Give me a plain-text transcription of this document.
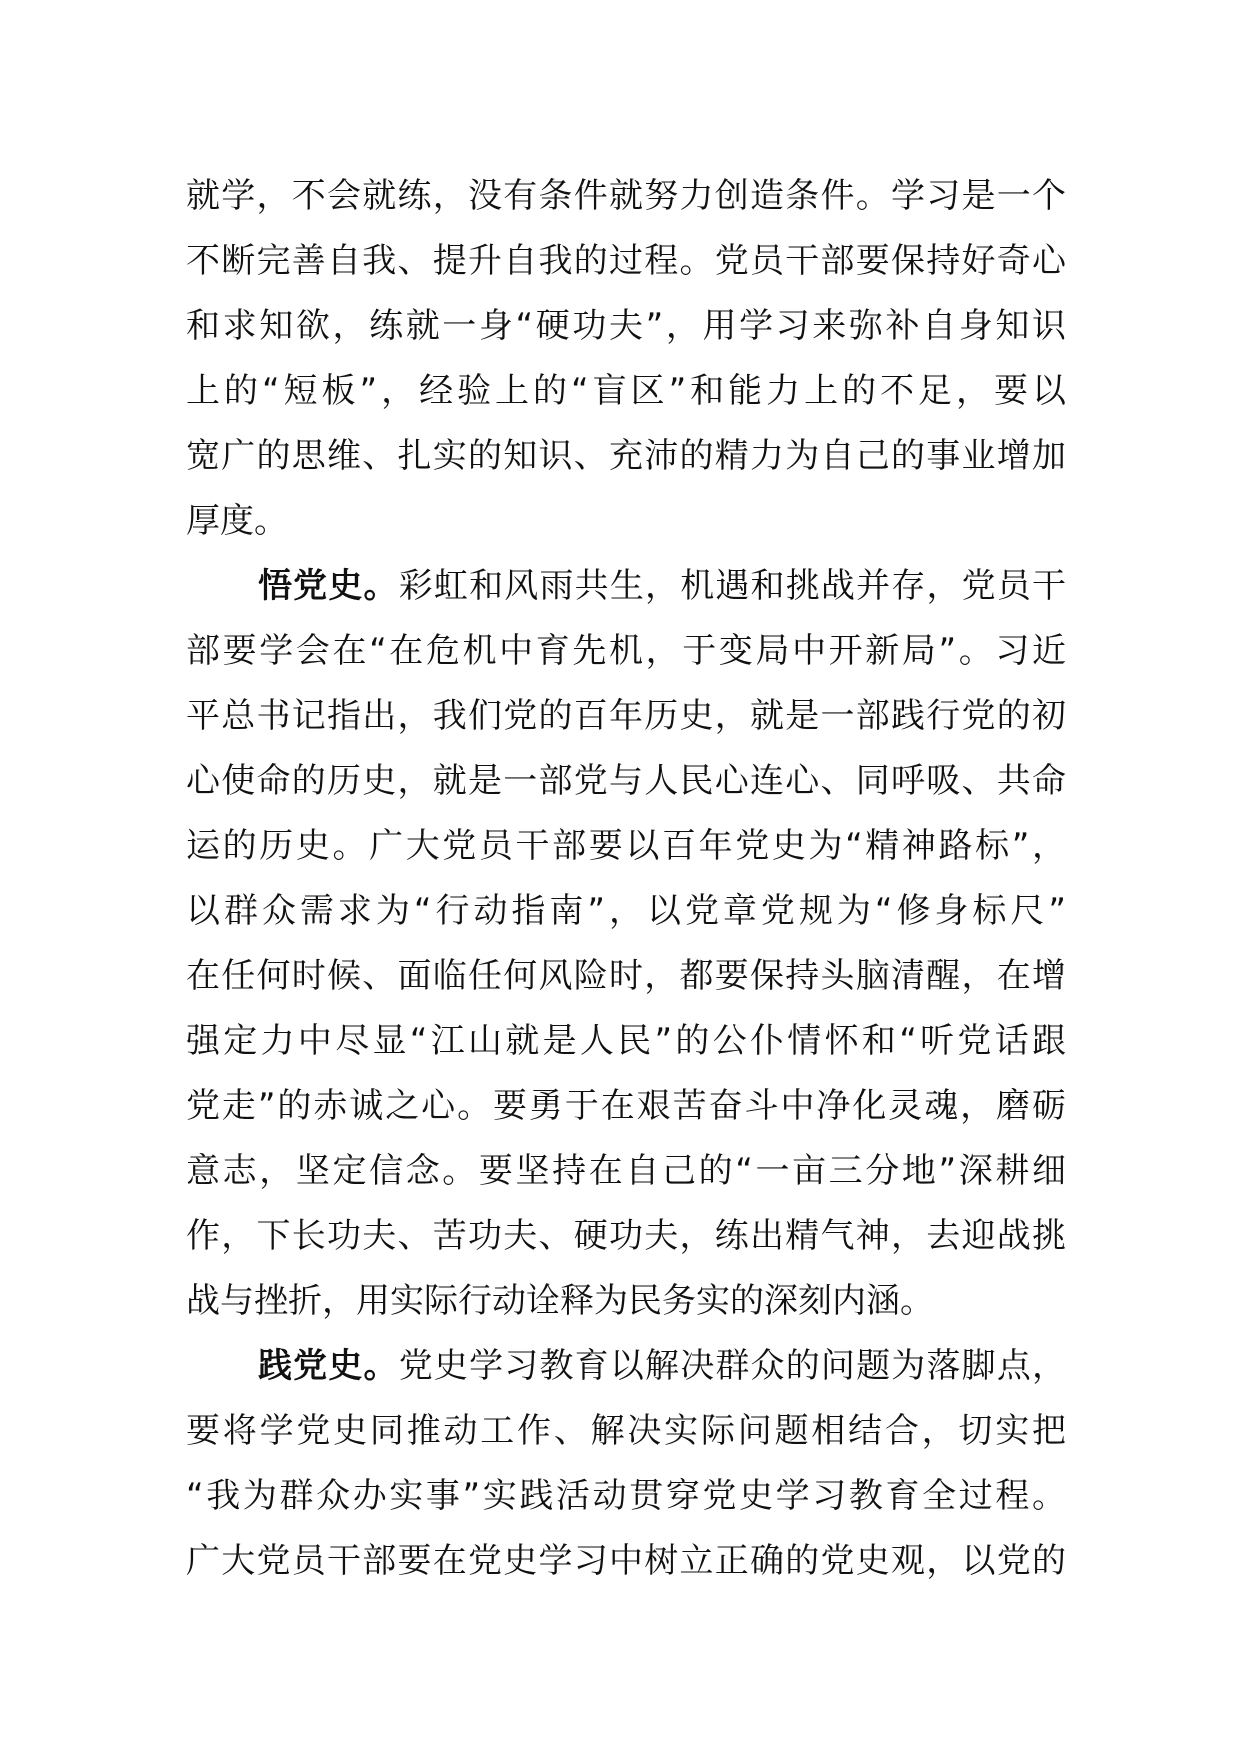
就学，不会就练，没有条件就努力创造条件。学习是一个
不断完善自我、提升自我的过程。党员干部要保持好奇心
和求知欲，练就一身“硬功夫”，用学习来弥补自身知识
上的“短板”，经验上的“盲区”和能力上的不足，要以
宽广的思维、扎实的知识、充沛的精力为自己的事业增加
厚度。
悟党史。彩虹和风雨共生，机遇和挑战并存，党员干
部要学会在“在危机中育先机，于变局中开新局”。习近
平总书记指出，我们党的百年历史，就是一部践行党的初
心使命的历史，就是一部党与人民心连心、同呼吸、共命
运的历史。广大党员干部要以百年党史为“精神路标”，
以群众需求为“行动指南”，以党章党规为“修身标尺”
在任何时候、面临任何风险时，都要保持头脑清醒，在增
强定力中尽显“江山就是人民”的公仆情怀和“听党话跟
党走”的赤诚之心。要勇于在艰苦奋斗中净化灵魂，磨砺
意志，坚定信念。要坚持在自己的“一亩三分地”深耕细
作，下长功夫、苦功夫、硬功夫，练出精气神，去迎战挑
战与挫折，用实际行动诠释为民务实的深刻内涵。
践党史。党史学习教育以解决群众的问题为落脚点，
要将学党史同推动工作、解决实际问题相结合，切实把
“我为群众办实事”实践活动贯穿党史学习教育全过程。
广大党员干部要在党史学习中树立正确的党史观，以党的
